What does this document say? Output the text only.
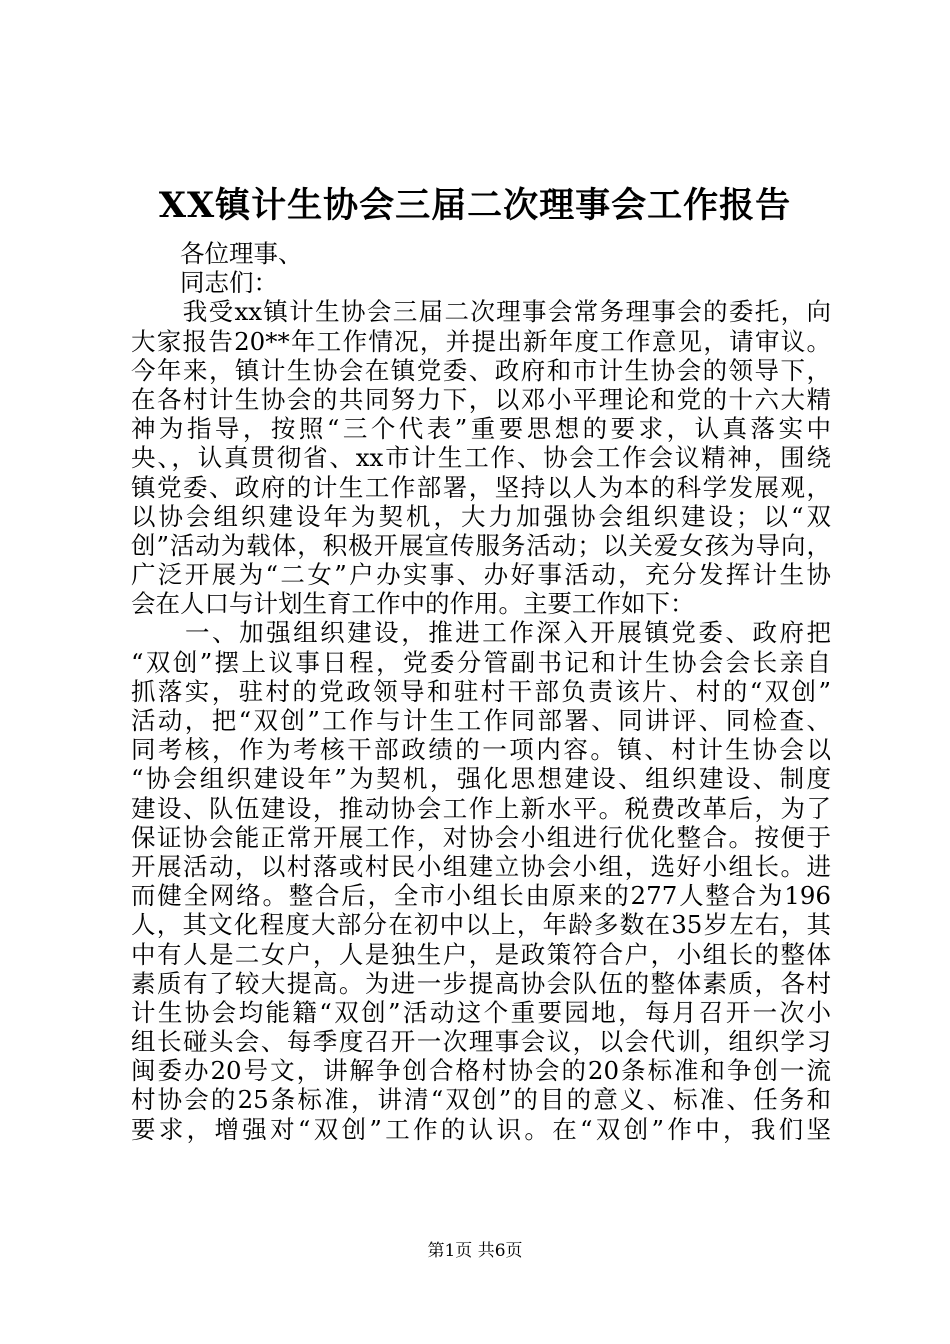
XX镇计生协会三届二次理事会工作报告
　　各位理事、
　　同志们：
　　我受xx镇计生协会三届二次理事会常务理事会的委托，向
大家报告20**年工作情况，并提出新年度工作意见，请审议。
今年来，镇计生协会在镇党委、政府和市计生协会的领导下，
在各村计生协会的共同努力下，以邓小平理论和党的十六大精
神为指导，按照“三个代表”重要思想的要求，认真落实中
央、，认真贯彻省、xx市计生工作、协会工作会议精神，围绕
镇党委、政府的计生工作部署，坚持以人为本的科学发展观，
以协会组织建设年为契机，大力加强协会组织建设；以“双
创”活动为载体，积极开展宣传服务活动；以关爱女孩为导向，
广泛开展为“二女”户办实事、办好事活动，充分发挥计生协
会在人口与计划生育工作中的作用。主要工作如下：
　　一、加强组织建设，推进工作深入开展镇党委、政府把
“双创”摆上议事日程，党委分管副书记和计生协会会长亲自
抓落实，驻村的党政领导和驻村干部负责该片、村的“双创”
活动，把“双创”工作与计生工作同部署、同讲评、同检查、
同考核，作为考核干部政绩的一项内容。镇、村计生协会以
“协会组织建设年”为契机，强化思想建设、组织建设、制度
建设、队伍建设，推动协会工作上新水平。税费改革后，为了
保证协会能正常开展工作，对协会小组进行优化整合。按便于
开展活动，以村落或村民小组建立协会小组，选好小组长。进
而健全网络。整合后，全市小组长由原来的277人整合为196
人，其文化程度大部分在初中以上，年龄多数在35岁左右，其
中有人是二女户，人是独生户，是政策符合户，小组长的整体
素质有了较大提高。为进一步提高协会队伍的整体素质，各村
计生协会均能籍“双创”活动这个重要园地，每月召开一次小
组长碰头会、每季度召开一次理事会议，以会代训，组织学习
闽委办20号文，讲解争创合格村协会的20条标准和争创一流
村协会的25条标准，讲清“双创”的目的意义、标准、任务和
要求，增强对“双创”工作的认识。在“双创”作中，我们坚
第1页 共6页
